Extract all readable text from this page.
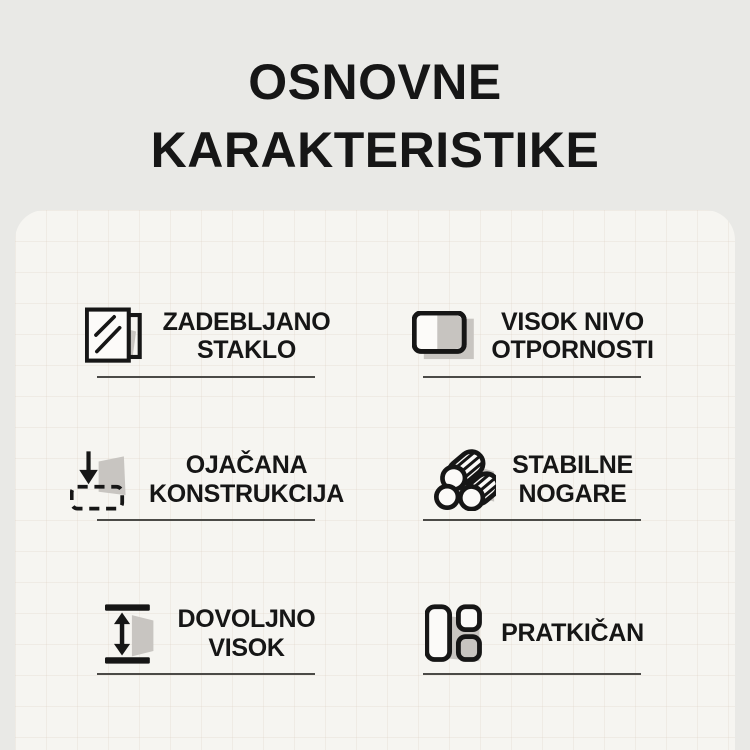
OSNOVNE
KARAKTERISTIKE
ZADEBLJANO
STAKLO
VISOK NIVO
OTPORNOSTI
OJAČANA
KONSTRUKCIJA
STABILNE
NOGARE
DOVOLJNO
VISOK
PRATKIČAN
